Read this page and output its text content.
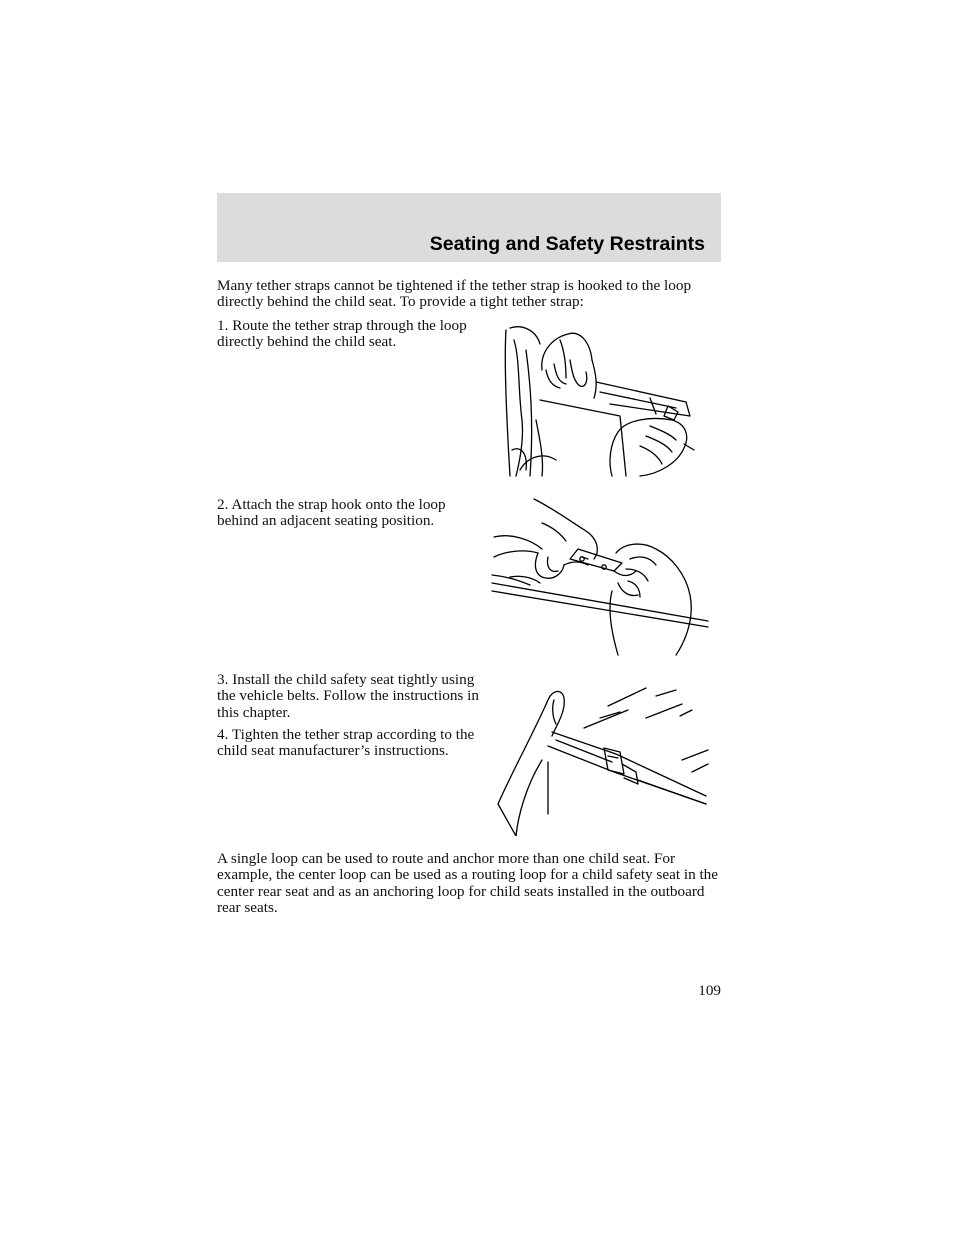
Seating and Safety Restraints

Many tether straps cannot be tightened if the tether strap is hooked to the loop directly behind the child seat. To provide a tight tether strap:

1. Route the tether strap through the loop directly behind the child seat.

2. Attach the strap hook onto the loop behind an adjacent seating position.

3. Install the child safety seat tightly using the vehicle belts. Follow the instructions in this chapter.

4. Tighten the tether strap according to the child seat manufacturer’s instructions.

A single loop can be used to route and anchor more than one child seat. For example, the center loop can be used as a routing loop for a child safety seat in the center rear seat and as an anchoring loop for child seats installed in the outboard rear seats.

109
